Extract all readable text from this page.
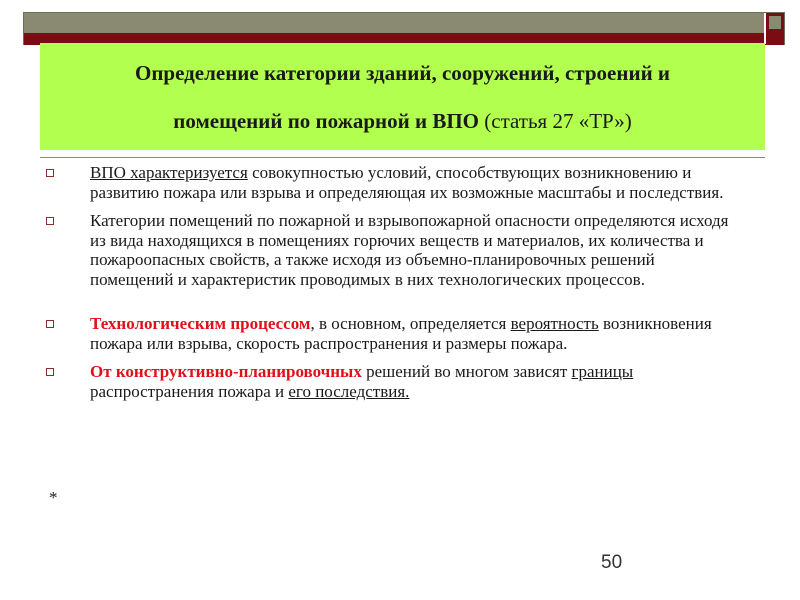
Определение категории зданий, сооружений, строений и
помещений по пожарной и ВПО (статья 27 «ТР»)
ВПО характеризуется совокупностью условий, способствующих возникновению и развитию пожара или взрыва и определяющая их возможные масштабы и последствия.
Категории помещений по пожарной и взрывопожарной опасности определяются исходя из вида находящихся в помещениях горючих веществ и материалов, их количества и пожароопасных свойств, а также исходя из объемно-планировочных решений помещений и характеристик проводимых в них технологических процессов.
Технологическим процессом, в основном, определяется вероятность возникновения пожара или взрыва, скорость распространения и размеры пожара.
От конструктивно-планировочных решений во многом зависят границы распространения пожара и его последствия.
*
50
